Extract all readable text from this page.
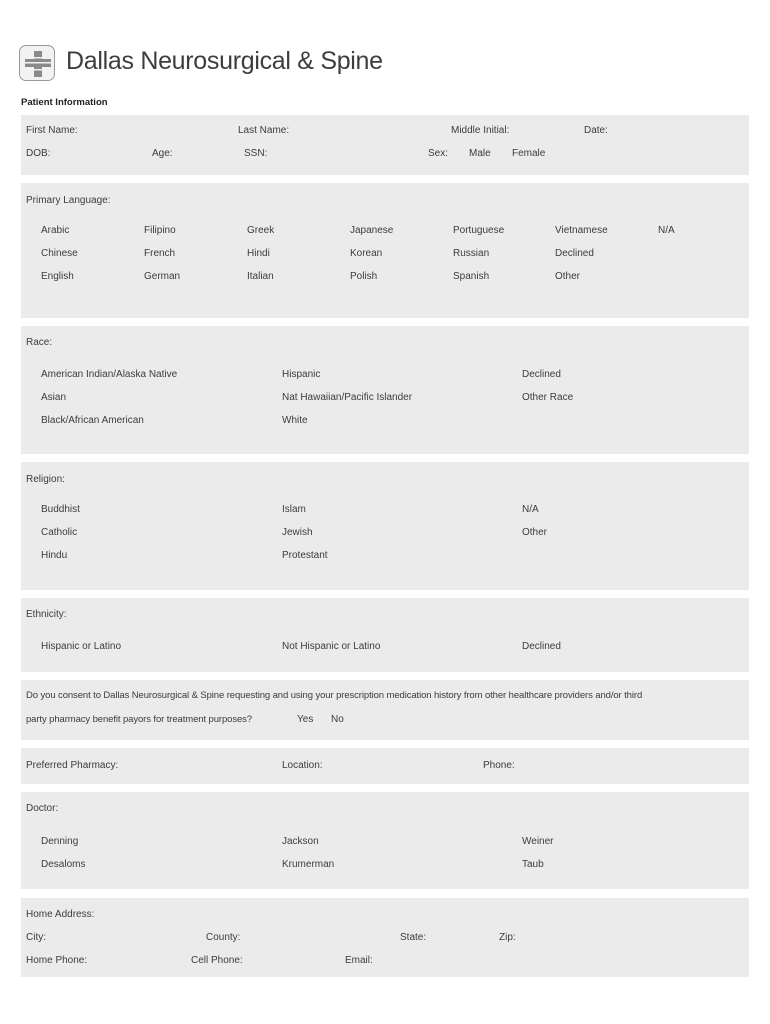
Dallas Neurosurgical & Spine
Patient Information
First Name:	Last Name:	Middle Initial:	Date:
DOB:	Age:	SSN:	Sex: Male Female
Primary Language:
Arabic	Filipino	Greek	Japanese	Portuguese	Vietnamese	N/A
Chinese	French	Hindi	Korean	Russian	Declined
English	German	Italian	Polish	Spanish	Other
Race:
American Indian/Alaska Native	Hispanic	Declined
Asian	Nat Hawaiian/Pacific Islander	Other Race
Black/African American	White
Religion:
Buddhist	Islam	N/A
Catholic	Jewish	Other
Hindu	Protestant
Ethnicity:
Hispanic or Latino	Not Hispanic or Latino	Declined
Do you consent to Dallas Neurosurgical & Spine requesting and using your prescription medication history from other healthcare providers and/or third
party pharmacy benefit payors for treatment purposes?	Yes No
Preferred Pharmacy:	Location:	Phone:
Doctor:
Denning	Jackson	Weiner
Desaloms	Krumerman	Taub
Home Address:
City:	County:	State:	Zip:
Home Phone:	Cell Phone:	Email:
